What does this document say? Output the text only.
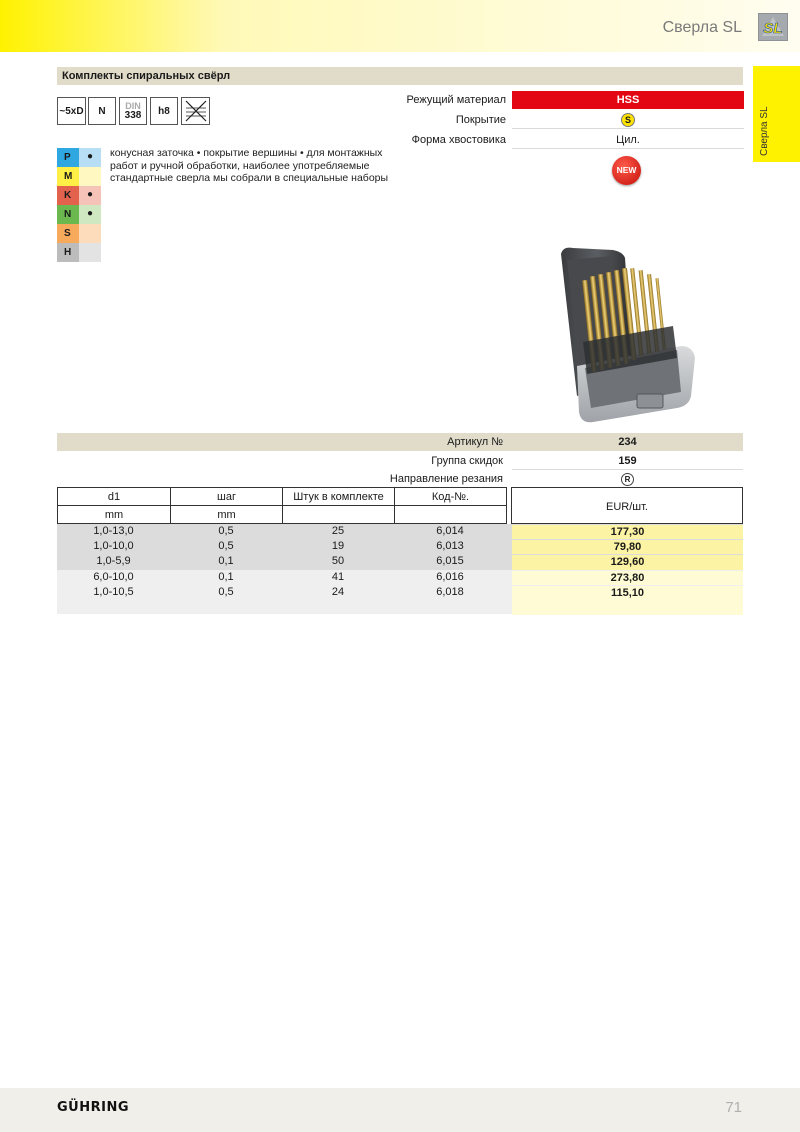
Сверла SL SL
Сверла SL
Комплекты спиральных свёрл
~5xD	N	DIN
338	h8
Режущий материал	HSS
Покрытие	S
Форма хвостовика	Цил.
NEW
P	●
M
K	●
N	●
S
H
конусная заточка • покрытие вершины • для монтажных работ и ручной обработки, наиболее употребляемые стандартные сверла мы собрали в специальные наборы
Артикул №	234
Группа скидок	159
Направление резания	R
d1	шаг	Штук в комплекте	Код-№.
mm	mm		
EUR/шт.
1,0-13,0	0,5	25	6,014	177,30
1,0-10,0	0,5	19	6,013	79,80
1,0-5,9	0,1	50	6,015	129,60
6,0-10,0	0,1	41	6,016	273,80
1,0-10,5	0,5	24	6,018	115,10
GÜHRING	71
